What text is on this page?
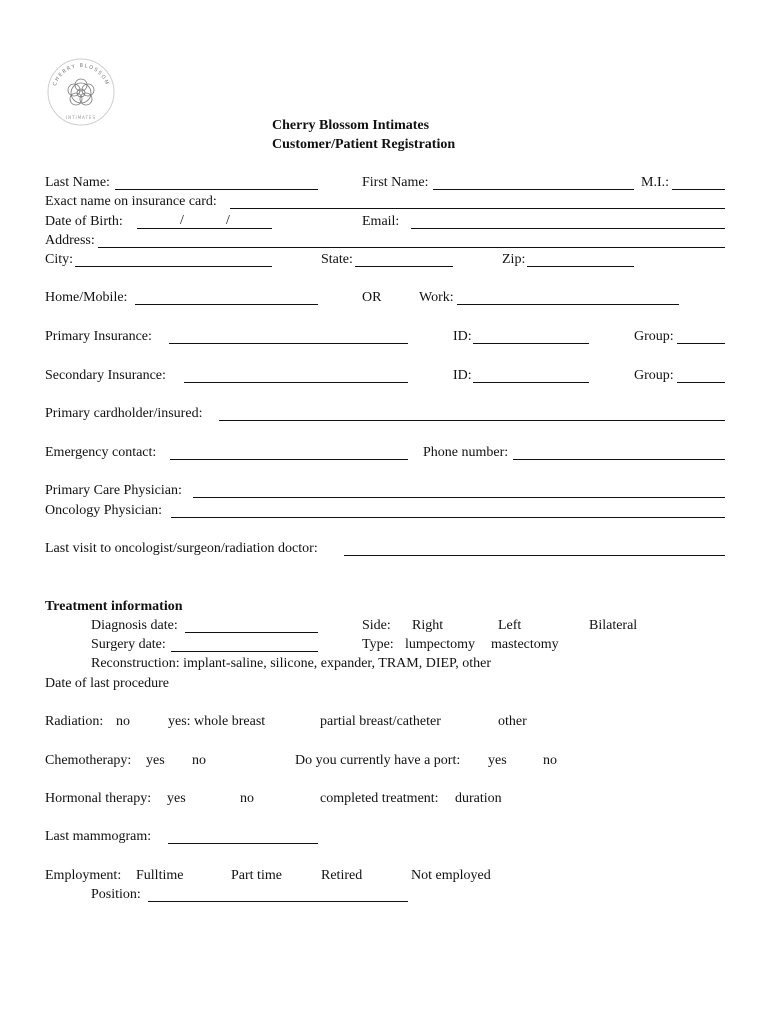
CHERRY BLOSSOM
INTIMATES
Cherry Blossom Intimates
Customer/Patient Registration
Last Name:	First Name:	M.I.:
Exact name on insurance card:
Date of Birth:	/	/	Email:
Address:
City:	State:	Zip:
Home/Mobile:	OR	Work:
Primary Insurance:	ID:	Group:
Secondary Insurance:	ID:	Group:
Primary cardholder/insured:
Emergency contact:	Phone number:
Primary Care Physician:
Oncology Physician:
Last visit to oncologist/surgeon/radiation doctor:
Treatment information
Diagnosis date:	Side: Right	Left	Bilateral
Surgery date:	Type: lumpectomy mastectomy
Reconstruction: implant-saline, silicone, expander, TRAM, DIEP, other
Date of last procedure
Radiation: no	yes: whole breast	partial breast/catheter	other
Chemotherapy: yes no	Do you currently have a port: yes	no
Hormonal therapy: yes	no	completed treatment: duration
Last mammogram:
Employment: Fulltime	Part time	Retired	Not employed
Position:
